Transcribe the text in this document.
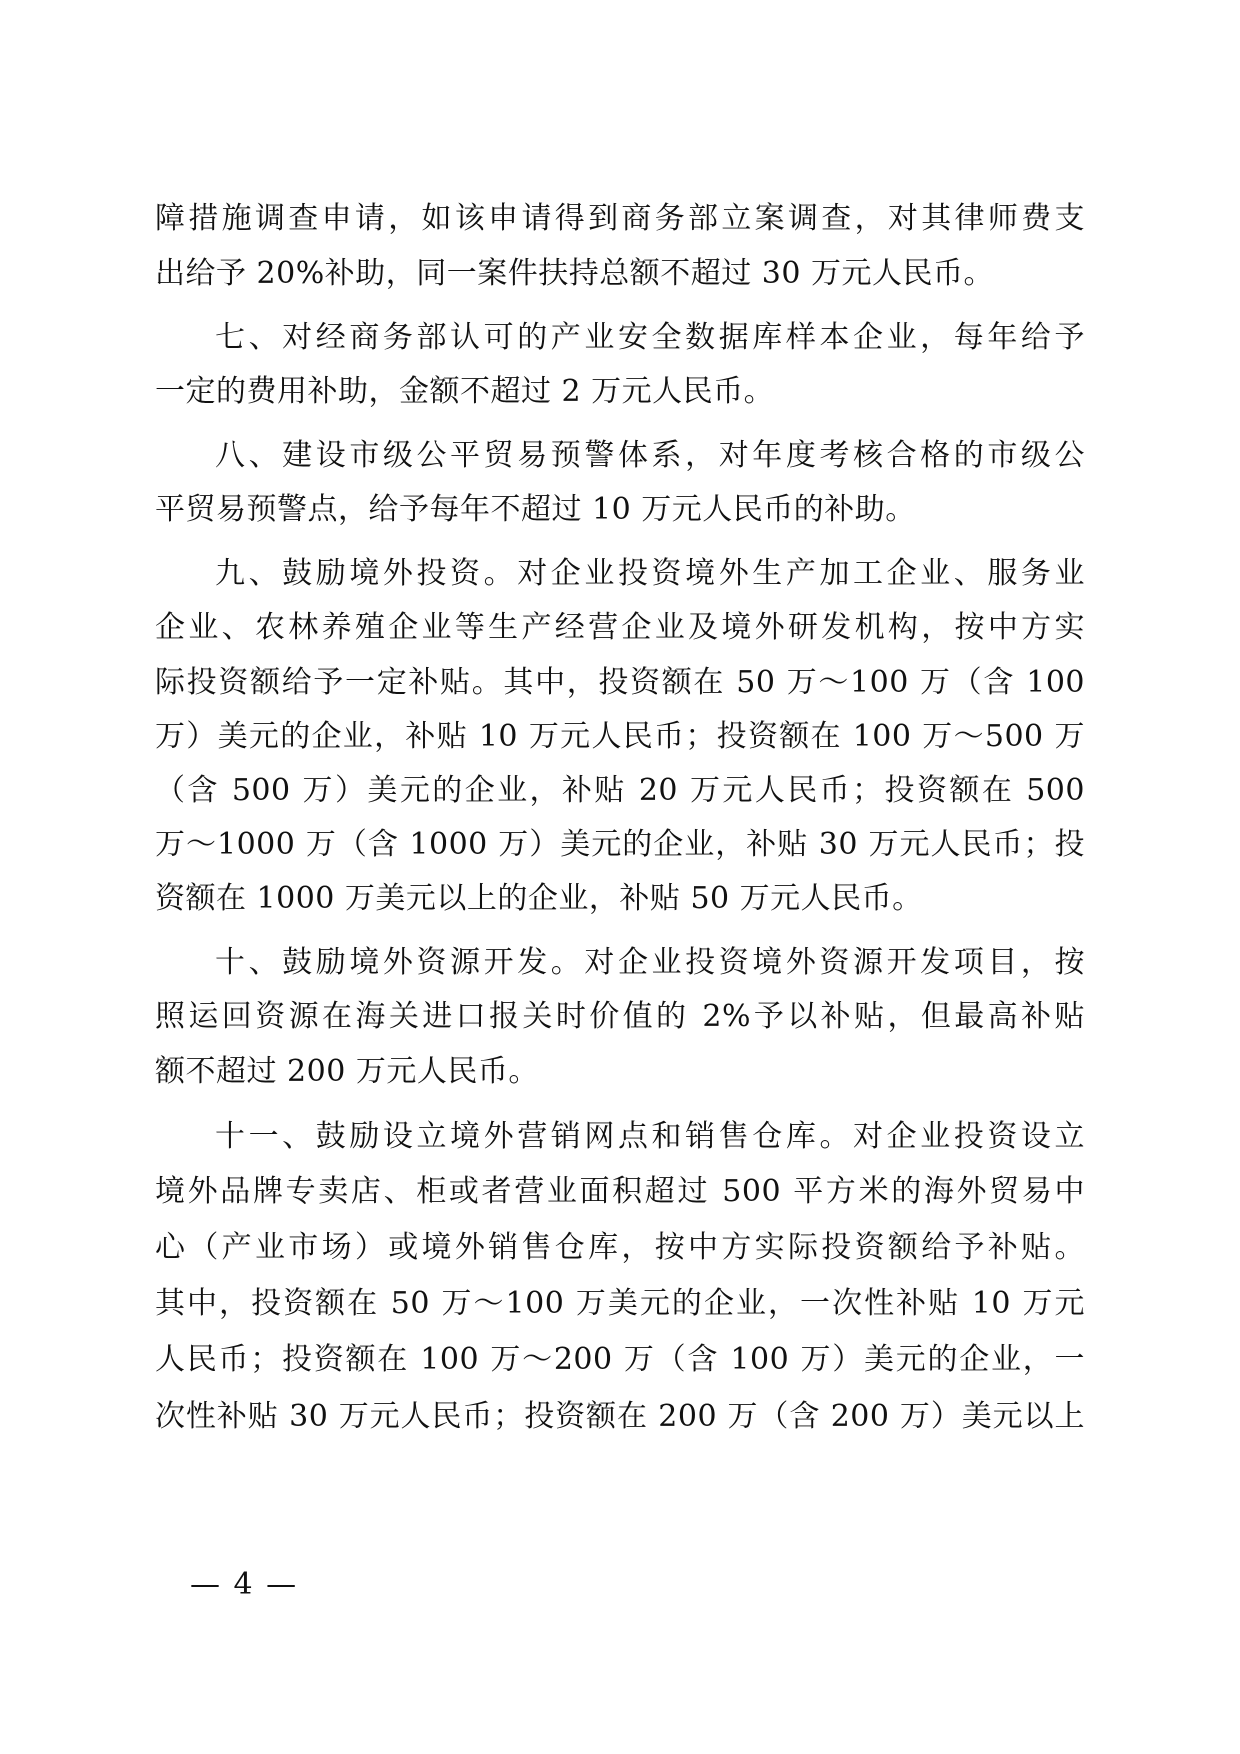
障措施调查申请，如该申请得到商务部立案调查，对其律师费支
出给予 20%补助，同一案件扶持总额不超过 30 万元人民币。
七、对经商务部认可的产业安全数据库样本企业，每年给予
一定的费用补助，金额不超过 2 万元人民币。
八、建设市级公平贸易预警体系，对年度考核合格的市级公
平贸易预警点，给予每年不超过 10 万元人民币的补助。
九、鼓励境外投资。对企业投资境外生产加工企业、服务业
企业、农林养殖企业等生产经营企业及境外研发机构，按中方实
际投资额给予一定补贴。其中，投资额在 50 万～100 万（含 100
万）美元的企业，补贴 10 万元人民币；投资额在 100 万～500 万
（含 500 万）美元的企业，补贴 20 万元人民币；投资额在 500
万～1000 万（含 1000 万）美元的企业，补贴 30 万元人民币；投
资额在 1000 万美元以上的企业，补贴 50 万元人民币。
十、鼓励境外资源开发。对企业投资境外资源开发项目，按
照运回资源在海关进口报关时价值的 2%予以补贴，但最高补贴
额不超过 200 万元人民币。
十一、鼓励设立境外营销网点和销售仓库。对企业投资设立
境外品牌专卖店、柜或者营业面积超过 500 平方米的海外贸易中
心（产业市场）或境外销售仓库，按中方实际投资额给予补贴。
其中，投资额在 50 万～100 万美元的企业，一次性补贴 10 万元
人民币；投资额在 100 万～200 万（含 100 万）美元的企业，一
次性补贴 30 万元人民币；投资额在 200 万（含 200 万）美元以上
— 4 —
